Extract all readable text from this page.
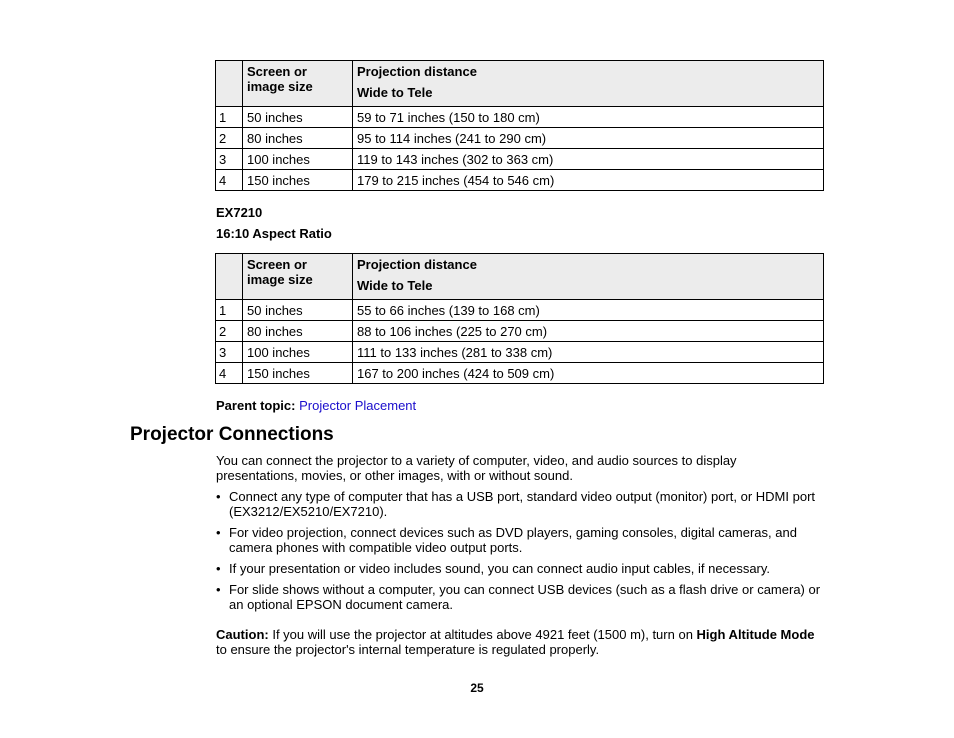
	Screen or image size	Projection distance
Wide to Tele

1	50 inches	59 to 71 inches (150 to 180 cm)
2	80 inches	95 to 114 inches (241 to 290 cm)
3	100 inches	119 to 143 inches (302 to 363 cm)
4	150 inches	179 to 215 inches (454 to 546 cm)
EX7210
16:10 Aspect Ratio
	Screen or image size	Projection distance
Wide to Tele

1	50 inches	55 to 66 inches (139 to 168 cm)
2	80 inches	88 to 106 inches (225 to 270 cm)
3	100 inches	111 to 133 inches (281 to 338 cm)
4	150 inches	167 to 200 inches (424 to 509 cm)
Parent topic: Projector Placement
Projector Connections

You can connect the projector to a variety of computer, video, and audio sources to display presentations, movies, or other images, with or without sound.

• Connect any type of computer that has a USB port, standard video output (monitor) port, or HDMI port (EX3212/EX5210/EX7210).
• For video projection, connect devices such as DVD players, gaming consoles, digital cameras, and camera phones with compatible video output ports.
• If your presentation or video includes sound, you can connect audio input cables, if necessary.
• For slide shows without a computer, you can connect USB devices (such as a flash drive or camera) or an optional EPSON document camera.

Caution: If you will use the projector at altitudes above 4921 feet (1500 m), turn on High Altitude Mode to ensure the projector's internal temperature is regulated properly.

25
